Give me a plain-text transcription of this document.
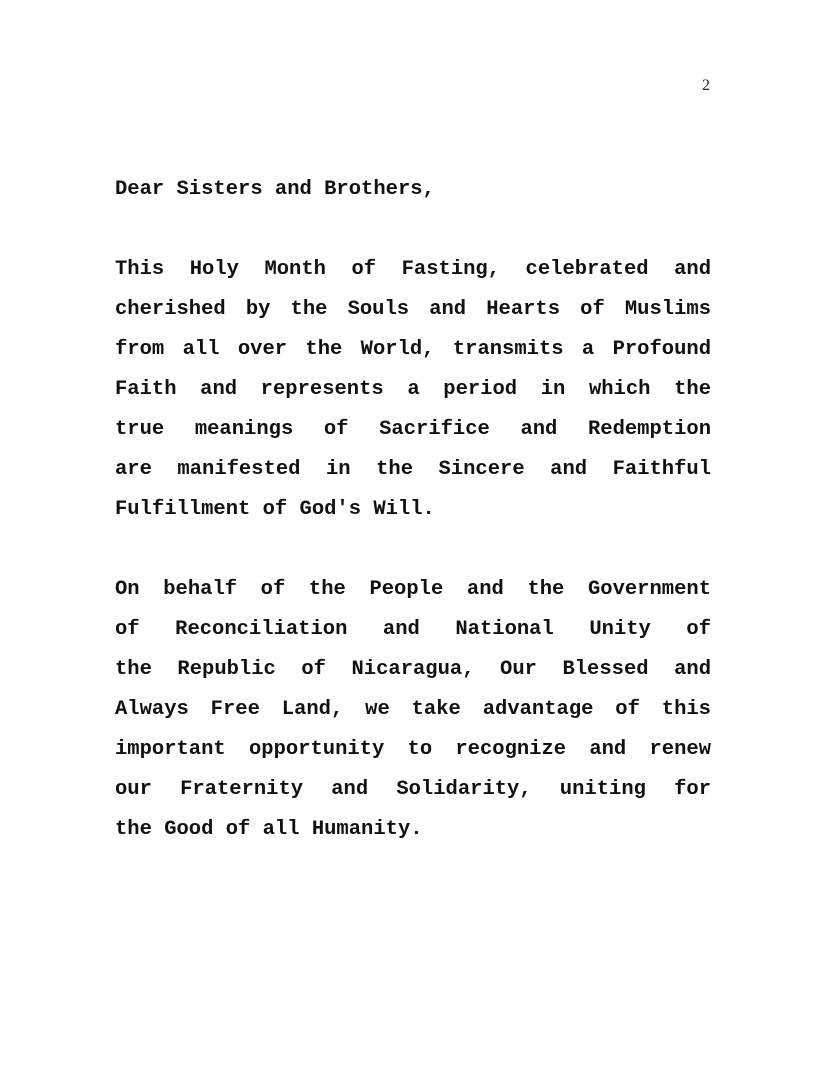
2

Dear Sisters and Brothers,

This Holy Month of Fasting, celebrated and
cherished by the Souls and Hearts of Muslims
from all over the World, transmits a Profound
Faith and represents a period in which the
true meanings of Sacrifice and Redemption
are manifested in the Sincere and Faithful
Fulfillment of God's Will.

On behalf of the People and the Government
of Reconciliation and National Unity of
the Republic of Nicaragua, Our Blessed and
Always Free Land, we take advantage of this
important opportunity to recognize and renew
our Fraternity and Solidarity, uniting for
the Good of all Humanity.
